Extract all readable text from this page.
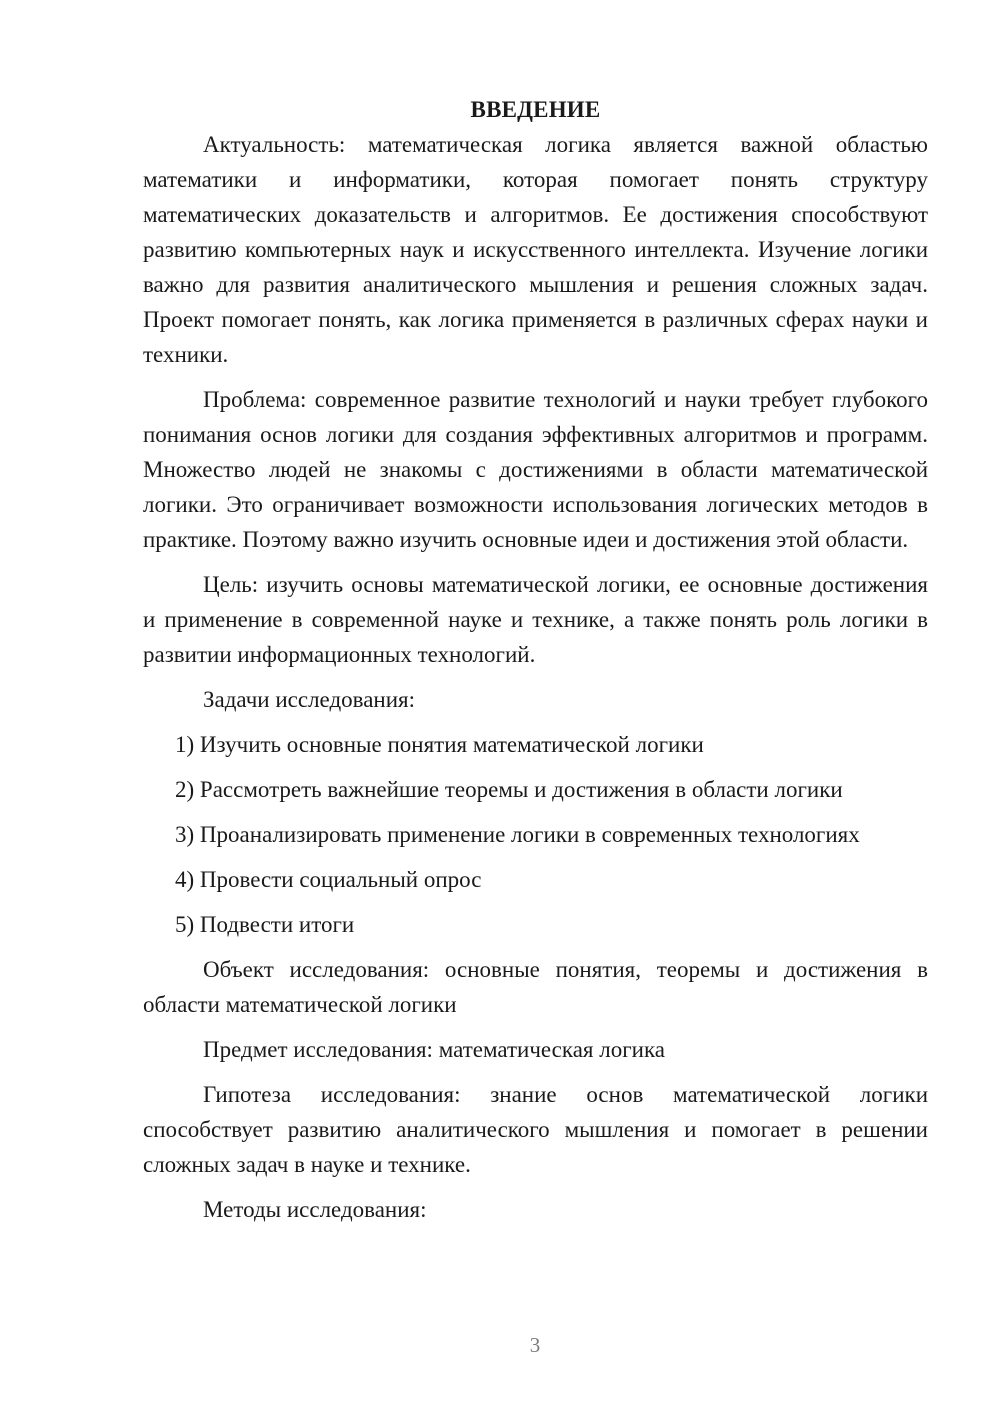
ВВЕДЕНИЕ

Актуальность: математическая логика является важной областью математики и информатики, которая помогает понять структуру математических доказательств и алгоритмов. Ее достижения способствуют развитию компьютерных наук и искусственного интеллекта. Изучение логики важно для развития аналитического мышления и решения сложных задач. Проект помогает понять, как логика применяется в различных сферах науки и техники.

Проблема: современное развитие технологий и науки требует глубокого понимания основ логики для создания эффективных алгоритмов и программ. Множество людей не знакомы с достижениями в области математической логики. Это ограничивает возможности использования логических методов в практике. Поэтому важно изучить основные идеи и достижения этой области.

Цель: изучить основы математической логики, ее основные достижения и применение в современной науке и технике, а также понять роль логики в развитии информационных технологий.

Задачи исследования:

1) Изучить основные понятия математической логики
2) Рассмотреть важнейшие теоремы и достижения в области логики
3) Проанализировать применение логики в современных технологиях
4) Провести социальный опрос
5) Подвести итоги

Объект исследования: основные понятия, теоремы и достижения в области математической логики

Предмет исследования: математическая логика

Гипотеза исследования: знание основ математической логики способствует развитию аналитического мышления и помогает в решении сложных задач в науке и технике.

Методы исследования:

3
